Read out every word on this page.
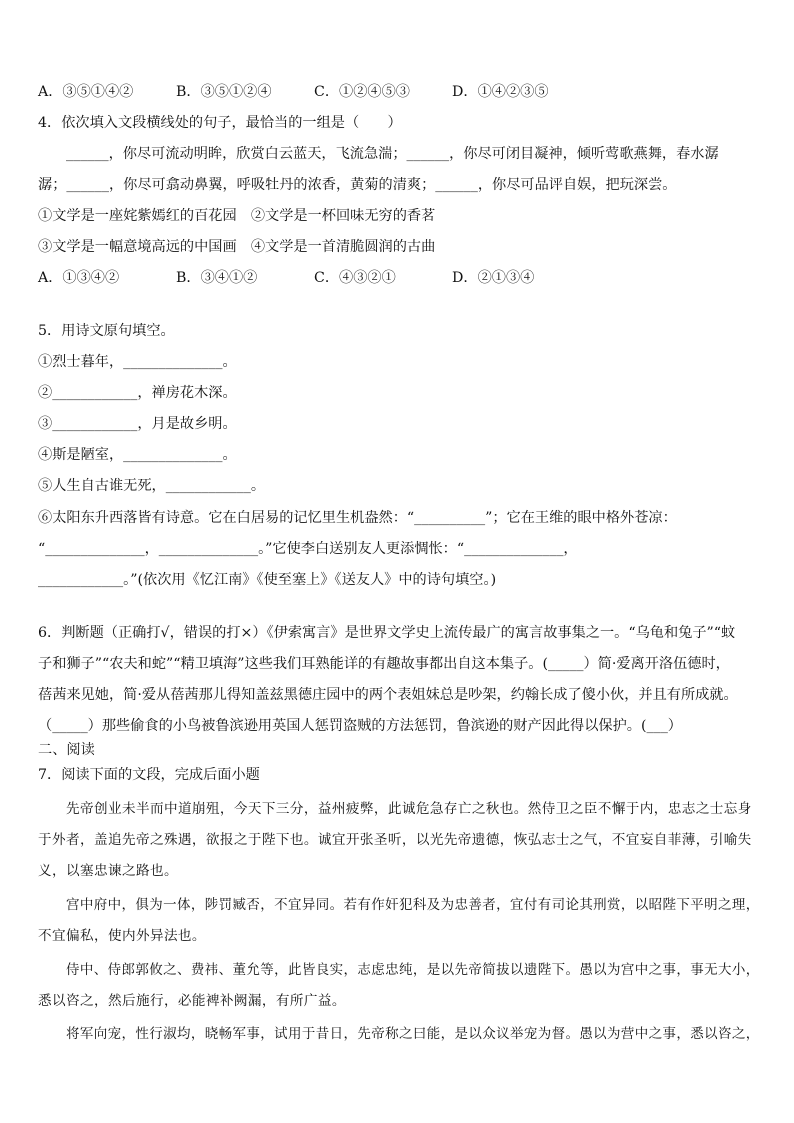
A．③⑤①④②	B．③⑤①②④	C．①②④⑤③	D．①④②③⑤
4．依次填入文段横线处的句子，最恰当的一组是（　　）
______，你尽可流动明眸，欣赏白云蓝天，飞流急湍；______，你尽可闭目凝神，倾听莺歌燕舞，春水潺
潺；______，你尽可翕动鼻翼，呼吸牡丹的浓香，黄菊的清爽；______，你尽可品评自娱，把玩深尝。
①文学是一座姹紫嫣红的百花园　②文学是一杯回味无穷的香茗
③文学是一幅意境高远的中国画　④文学是一首清脆圆润的古曲
A．①③④②	B．③④①②	C．④③②①	D．②①③④
5．用诗文原句填空。
①烈士暮年，______________。
②____________，禅房花木深。
③____________，月是故乡明。
④斯是陋室，______________。
⑤人生自古谁无死，____________。
⑥太阳东升西落皆有诗意。它在白居易的记忆里生机盎然：“__________”；它在王维的眼中格外苍凉：
“______________，______________。”它使李白送别友人更添惆怅：“______________，
____________。”(依次用《忆江南》《使至塞上》《送友人》中的诗句填空。)
6．判断题（正确打√，错误的打×）《伊索寓言》是世界文学史上流传最广的寓言故事集之一。“乌龟和兔子”“蚊
子和狮子”“农夫和蛇”“精卫填海”这些我们耳熟能详的有趣故事都出自这本集子。(_____）简·爱离开洛伍德时，
蓓茜来见她，简·爱从蓓茜那儿得知盖兹黑德庄园中的两个表姐妹总是吵架，约翰长成了傻小伙，并且有所成就。
（_____）那些偷食的小鸟被鲁滨逊用英国人惩罚盗贼的方法惩罚，鲁滨逊的财产因此得以保护。(___）
二、阅读
7．阅读下面的文段，完成后面小题
先帝创业未半而中道崩殂，今天下三分，益州疲弊，此诚危急存亡之秋也。然侍卫之臣不懈于内，忠志之士忘身
于外者，盖追先帝之殊遇，欲报之于陛下也。诚宜开张圣听，以光先帝遗德，恢弘志士之气，不宜妄自菲薄，引喻失
义，以塞忠谏之路也。
宫中府中，俱为一体，陟罚臧否，不宜异同。若有作奸犯科及为忠善者，宜付有司论其刑赏，以昭陛下平明之理，
不宜偏私，使内外异法也。
侍中、侍郎郭攸之、费祎、董允等，此皆良实，志虑忠纯，是以先帝简拔以遗陛下。愚以为宫中之事，事无大小，
悉以咨之，然后施行，必能裨补阙漏，有所广益。
将军向宠，性行淑均，晓畅军事，试用于昔日，先帝称之曰能，是以众议举宠为督。愚以为营中之事，悉以咨之，
